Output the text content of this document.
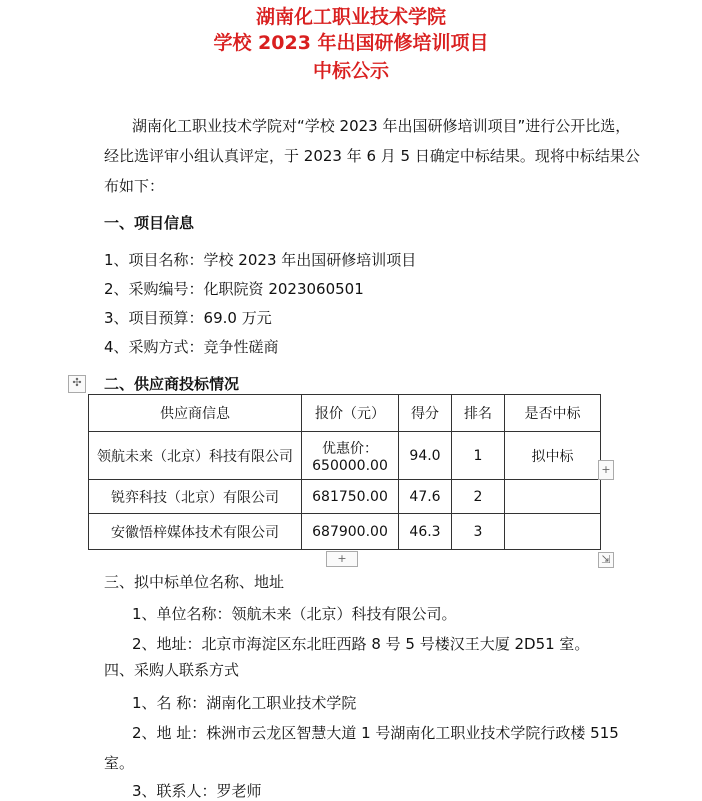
湖南化工职业技术学院
学校 2023 年出国研修培训项目
中标公示
湖南化工职业技术学院对“学校 2023 年出国研修培训项目”进行公开比选，
经比选评审小组认真评定，于 2023 年 6 月 5 日确定中标结果。现将中标结果公
布如下：
一、项目信息
1、项目名称：学校 2023 年出国研修培训项目
2、采购编号：化职院资 2023060501
3、项目预算：69.0 万元
4、采购方式：竞争性磋商
✣ 二、供应商投标情况
供应商信息	报价（元）	得分	排名	是否中标
领航未来（北京）科技有限公司	优惠价：
650000.00	94.0	1	拟中标
锐弈科技（北京）有限公司	681750.00	47.6	2	
安徽悟梓媒体技术有限公司	687900.00	46.3	3	
+
+	⇲
三、拟中标单位名称、地址
1、单位名称：领航未来（北京）科技有限公司。
2、地址：北京市海淀区东北旺西路 8 号 5 号楼汉王大厦 2D51 室。
四、采购人联系方式
1、名 称：湖南化工职业技术学院
2、地 址：株洲市云龙区智慧大道 1 号湖南化工职业技术学院行政楼 515
室。
3、联系人：罗老师
